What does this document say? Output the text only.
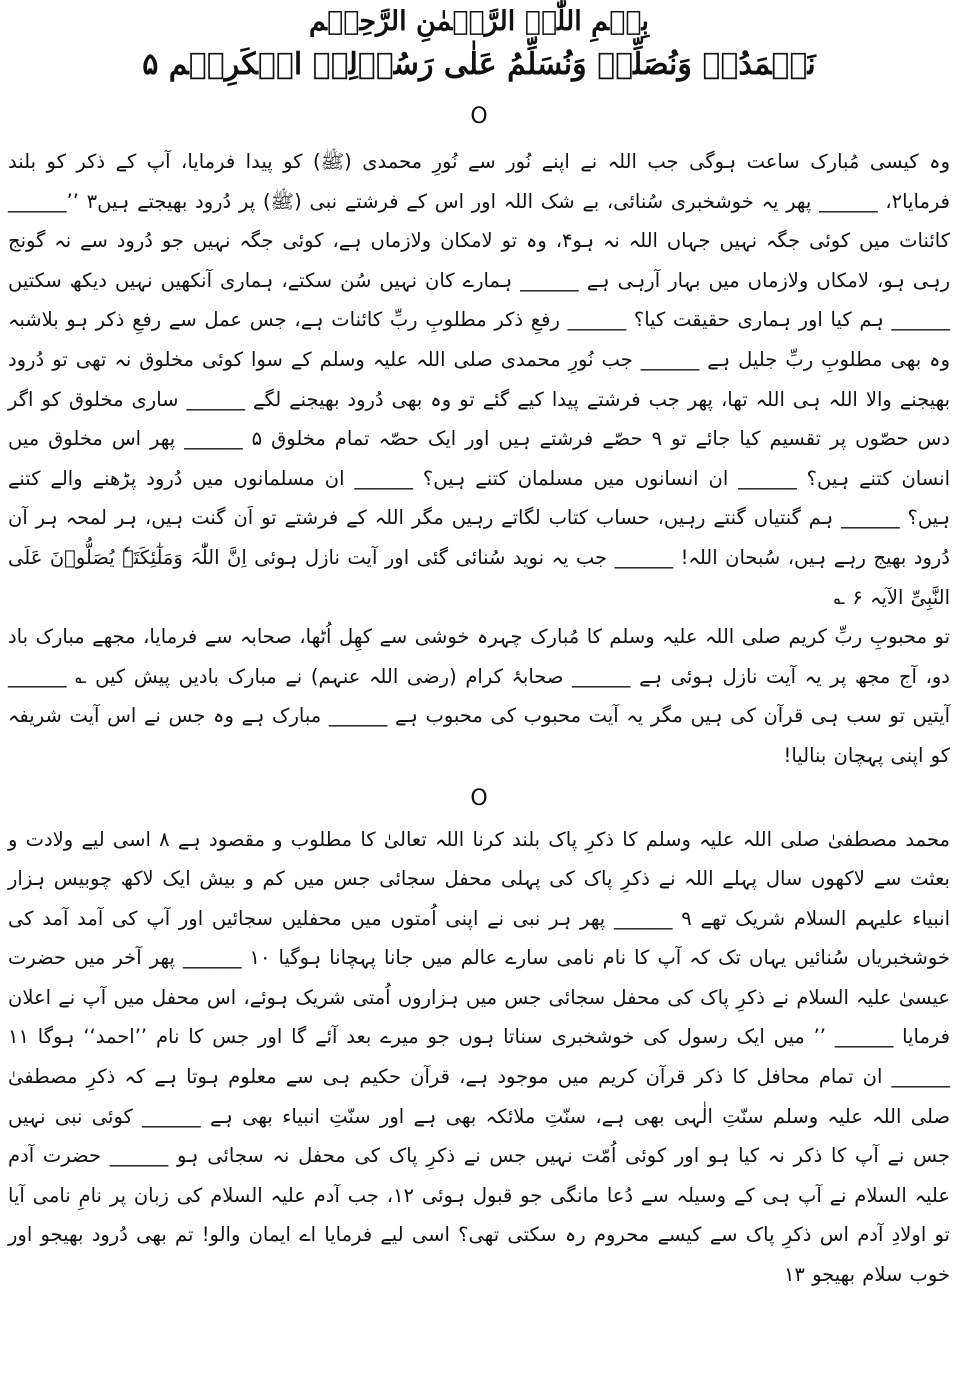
بِسۡمِ اللّٰہِ الرَّحۡمٰنِ الرَّحِیۡم
نَحۡمَدُہٗ وَنُصَلِّیۡ وَنُسَلِّمُ عَلٰی رَسُوۡلِہِ الۡکَرِیۡم ۵
O

وہ کیسی مُبارک ساعت ہوگی جب اللہ نے اپنے نُور سے نُورِ محمدی (ﷺ) کو پیدا فرمایا، آپ کے ذکر کو بلند فرمایا۲، ______ پھر یہ خوشخبری سُنائی، بے شک اللہ اور اس کے فرشتے نبی (ﷺ) پر دُرود بھیجتے ہیں۳ ’’______ کائنات میں کوئی جگہ نہیں جہاں اللہ نہ ہو۴، وہ تو لامکان ولازماں ہے، کوئی جگہ نہیں جو دُرود سے نہ گونج رہی ہو، لامکاں ولازماں میں بہار آرہی ہے ______ ہمارے کان نہیں سُن سکتے، ہماری آنکھیں نہیں دیکھ سکتیں ______ ہم کیا اور ہماری حقیقت کیا؟ ______ رفعِ ذکر مطلوبِ ربِّ کائنات ہے، جس عمل سے رفعِ ذکر ہو بلاشبہ وہ بھی مطلوبِ ربِّ جلیل ہے ______ جب نُورِ محمدی صلی اللہ علیہ وسلم کے سوا کوئی مخلوق نہ تھی تو دُرود بھیجنے والا اللہ ہی اللہ تھا، پھر جب فرشتے پیدا کیے گئے تو وہ بھی دُرود بھیجنے لگے ______ ساری مخلوق کو اگر دس حصّوں پر تقسیم کیا جائے تو ۹ حصّے فرشتے ہیں اور ایک حصّہ تمام مخلوق ۵ ______ پھر اس مخلوق میں انسان کتنے ہیں؟ ______ ان انسانوں میں مسلمان کتنے ہیں؟ ______ ان مسلمانوں میں دُرود پڑھنے والے کتنے ہیں؟ ______ ہم گنتیاں گنتے رہیں، حساب کتاب لگاتے رہیں مگر اللہ کے فرشتے تو اَن گنت ہیں، ہر لمحہ ہر آن دُرود بھیج رہے ہیں، سُبحان اللہ! ______ جب یہ نوید سُنائی گئی اور آیت نازل ہوئی اِنَّ اللّٰہَ وَمَلٰٓئِکَتَہٗ یُصَلُّوۡنَ عَلَی النَّبِیِّ الآیہ ۶ ؎

تو محبوبِ ربِّ کریم صلی اللہ علیہ وسلم کا مُبارک چہرہ خوشی سے کھِل اُٹھا، صحابہ سے فرمایا، مجھے مبارک باد دو، آج مجھ پر یہ آیت نازل ہوئی ہے ______ صحابۂ کرام (رضی اللہ عنہم) نے مبارک بادیں پیش کیں ؎ ______ آیتیں تو سب ہی قرآن کی ہیں مگر یہ آیت محبوب کی محبوب ہے ______ مبارک ہے وہ جس نے اس آیت شریفہ کو اپنی پہچان بنالیا!

O

محمد مصطفیٰ صلی اللہ علیہ وسلم کا ذکرِ پاک بلند کرنا اللہ تعالیٰ کا مطلوب و مقصود ہے ۸ اسی لیے ولادت و بعثت سے لاکھوں سال پہلے اللہ نے ذکرِ پاک کی پہلی محفل سجائی جس میں کم و بیش ایک لاکھ چوبیس ہزار انبیاء علیہم السلام شریک تھے ۹ ______ پھر ہر نبی نے اپنی اُمتوں میں محفلیں سجائیں اور آپ کی آمد آمد کی خوشخبریاں سُنائیں یہاں تک کہ آپ کا نام نامی سارے عالم میں جانا پہچانا ہوگیا ۱۰ ______ پھر آخر میں حضرت عیسیٰ علیہ السلام نے ذکرِ پاک کی محفل سجائی جس میں ہزاروں اُمتی شریک ہوئے، اس محفل میں آپ نے اعلان فرمایا ______ ’’ میں ایک رسول کی خوشخبری سناتا ہوں جو میرے بعد آئے گا اور جس کا نام ’’احمد‘‘ ہوگا ۱۱ ______ ان تمام محافل کا ذکر قرآن کریم میں موجود ہے، قرآن حکیم ہی سے معلوم ہوتا ہے کہ ذکرِ مصطفیٰ صلی اللہ علیہ وسلم سنّتِ الٰہی بھی ہے، سنّتِ ملائکہ بھی ہے اور سنّتِ انبیاء بھی ہے ______ کوئی نبی نہیں جس نے آپ کا ذکر نہ کیا ہو اور کوئی اُمّت نہیں جس نے ذکرِ پاک کی محفل نہ سجائی ہو ______ حضرت آدم علیہ السلام نے آپ ہی کے وسیلہ سے دُعا مانگی جو قبول ہوئی ۱۲، جب آدم علیہ السلام کی زبان پر نامِ نامی آیا تو اولادِ آدم اس ذکرِ پاک سے کیسے محروم رہ سکتی تھی؟ اسی لیے فرمایا اے ایمان والو! تم بھی دُرود بھیجو اور خوب سلام بھیجو ۱۳
